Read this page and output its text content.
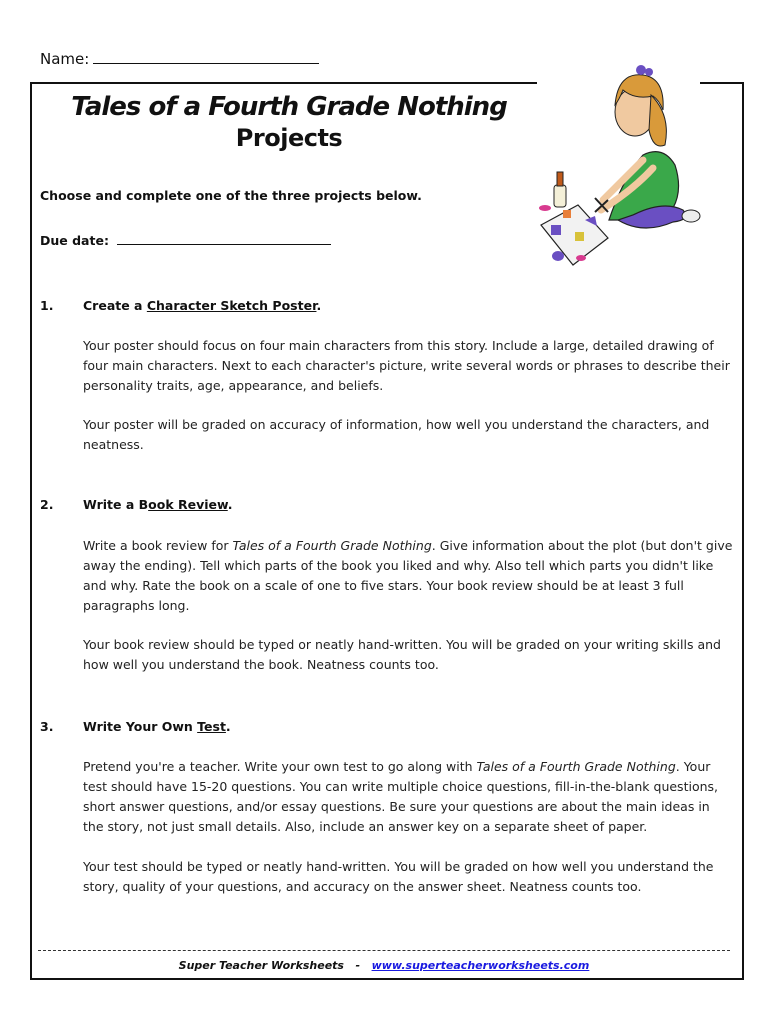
Name:
Tales of a Fourth Grade Nothing
Projects
Choose and complete one of the three projects below.
Due date:
1. Create a Character Sketch Poster.
Your poster should focus on four main characters from this story. Include a large, detailed drawing of four main characters. Next to each character's picture, write several words or phrases to describe their personality traits, age, appearance, and beliefs.
Your poster will be graded on accuracy of information, how well you understand the characters, and neatness.
2. Write a Book Review.
Write a book review for Tales of a Fourth Grade Nothing. Give information about the plot (but don't give away the ending). Tell which parts of the book you liked and why. Also tell which parts you didn't like and why. Rate the book on a scale of one to five stars. Your book review should be at least 3 full paragraphs long.
Your book review should be typed or neatly hand-written. You will be graded on your writing skills and how well you understand the book. Neatness counts too.
3. Write Your Own Test.
Pretend you're a teacher. Write your own test to go along with Tales of a Fourth Grade Nothing. Your test should have 15-20 questions. You can write multiple choice questions, fill-in-the-blank questions, short answer questions, and/or essay questions. Be sure your questions are about the main ideas in the story, not just small details. Also, include an answer key on a separate sheet of paper.
Your test should be typed or neatly hand-written. You will be graded on how well you understand the story, quality of your questions, and accuracy on the answer sheet. Neatness counts too.
Super Teacher Worksheets - www.superteacherworksheets.com
